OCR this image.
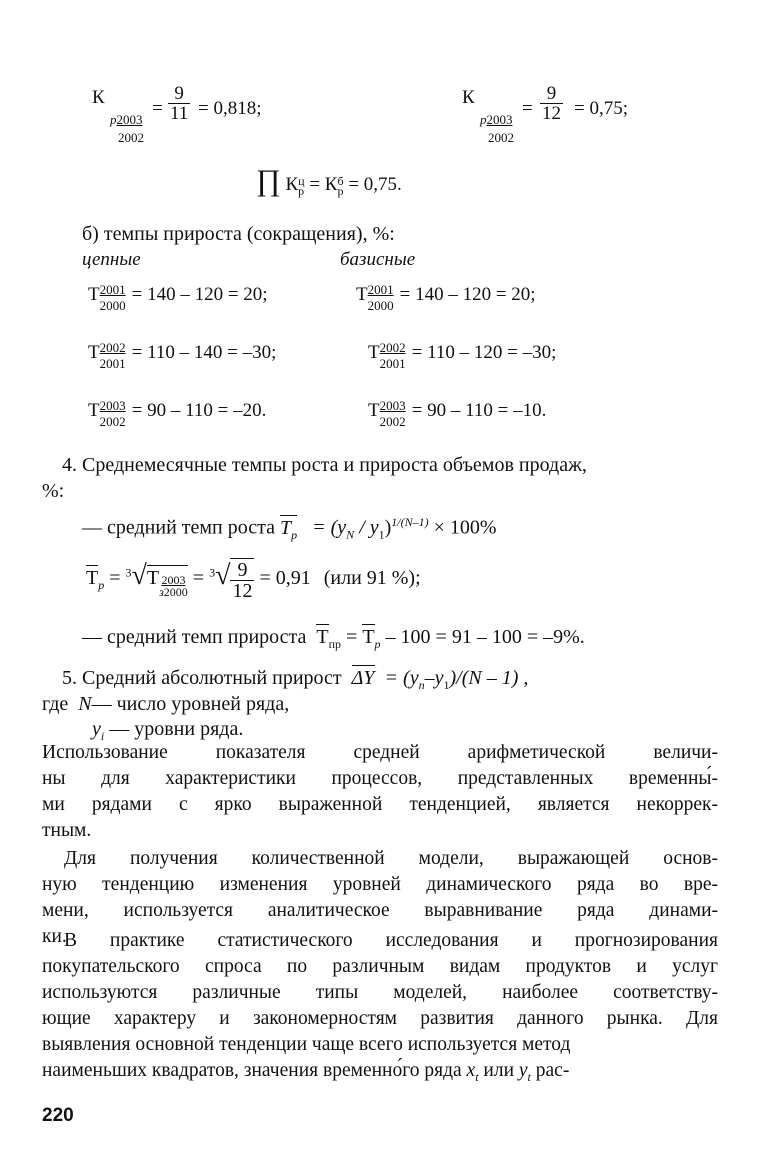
К
р2003
2002
= $\frac{9}{11} = 0,818$;
К
р2003
2002
= $\frac{9}{12} = 0,75$;
∏ Кц
р = Кб
р = 0,75.
б) темпы прироста (сокращения), %:
цепные	базисные
$Т\frac{2001}{2000} = 140 - 120 = 20$;	$Т\frac{2001}{2000} = 140 - 120 = 20$;
$Т\frac{2002}{2001} = 110 - 140 = -30$;	$Т\frac{2002}{2001} = 110 - 120 = -30$;
$Т\frac{2003}{2002} = 90 - 110 = -20$.	$Т\frac{2003}{2002} = 90 - 110 = -10$.
4. Среднемесячные темпы роста и прироста объемов продаж,
%:
— средний темп роста $T_p = (y_N / y_1)^{1/(N-1)} \times 100\%$
$Т_р = ^3√Т$ 2003
$з2000 = ^3√ \frac{9}{12} = 0,91$ (или 91 %);
— средний темп прироста $Т_{пр} = Т_р - 100 = 91 - 100 = -9\%$.
5. Средний абсолютный прирост $\Delta Y = (y_n-y_1)/(N - 1)$ ,
где N— число уровней ряда,
$y_i$ — уровни ряда.
Использование показателя средней арифметической величи-
ны для характеристики процессов, представленных временны́-
ми рядами с ярко выраженной тенденцией, является некоррек-
тным.
Для получения количественной модели, выражающей основ-
ную тенденцию изменения уровней динамического ряда во вре-
мени, используется аналитическое выравнивание ряда динами-
ки.
В практике статистического исследования и прогнозирования
покупательского спроса по различным видам продуктов и услуг
используются различные типы моделей, наиболее соответству-
ющие характеру и закономерностям развития данного рынка. Для
выявления основной тенденции чаще всего используется метод
наименьших квадратов, значения временно́го ряда $x_t$ или $y_t$ рас-
220
